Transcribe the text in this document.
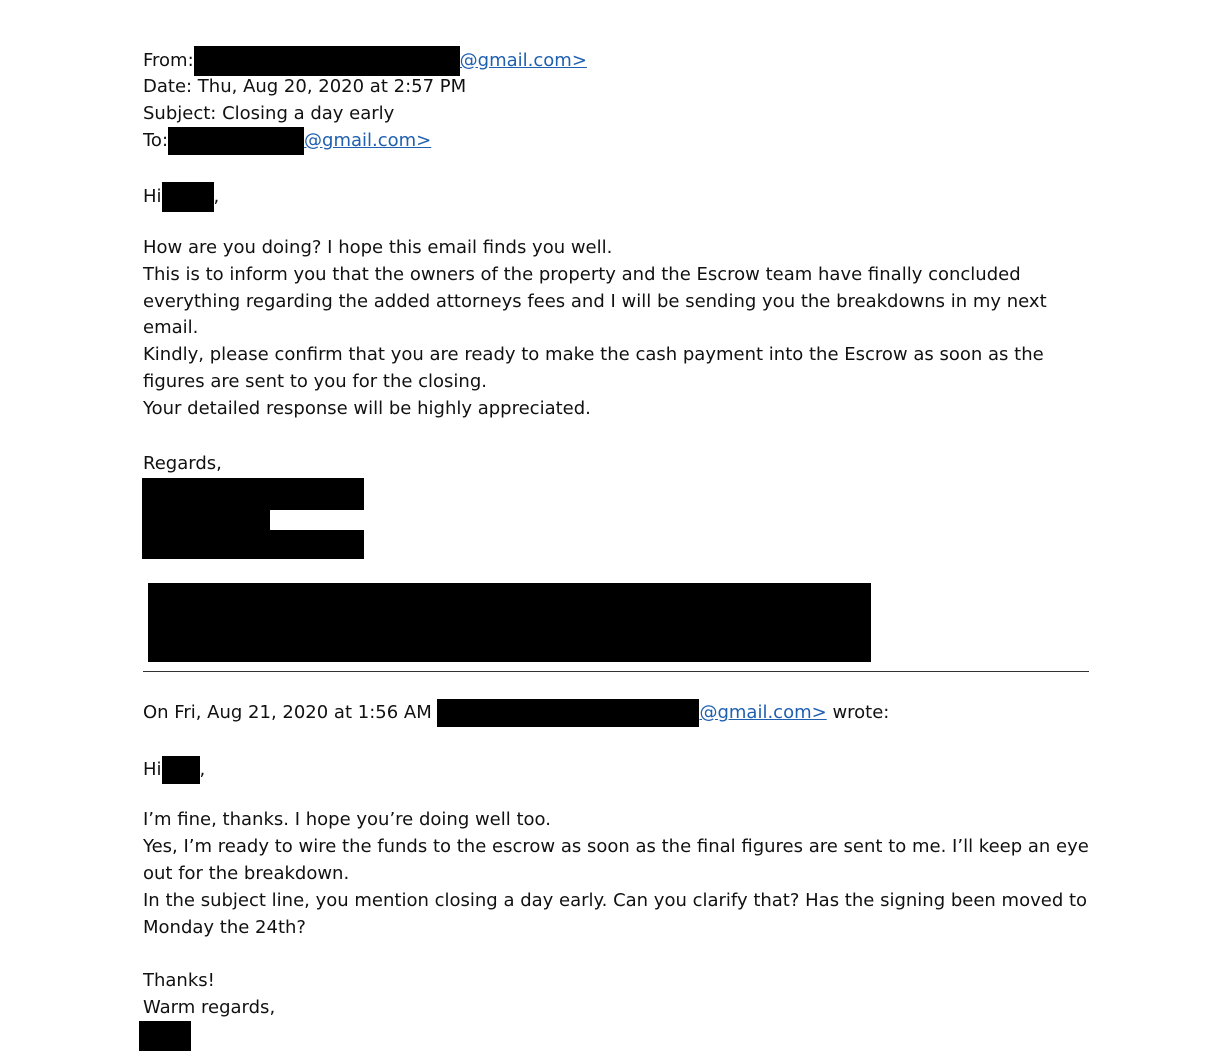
From:	@gmail.com>
Date: Thu, Aug 20, 2020 at 2:57 PM
Subject: Closing a day early
To:	@gmail.com>
Hi	,
How are you doing? I hope this email finds you well.
This is to inform you that the owners of the property and the Escrow team have finally concluded
everything regarding the added attorneys fees and I will be sending you the breakdowns in my next
email.
Kindly, please confirm that you are ready to make the cash payment into the Escrow as soon as the
figures are sent to you for the closing.
Your detailed response will be highly appreciated.
Regards,
On Fri, Aug 21, 2020 at 1:56 AM	@gmail.com> wrote:
Hi ,
I’m fine, thanks. I hope you’re doing well too.
Yes, I’m ready to wire the funds to the escrow as soon as the final figures are sent to me. I’ll keep an eye
out for the breakdown.
In the subject line, you mention closing a day early. Can you clarify that? Has the signing been moved to
Monday the 24th?
Thanks!
Warm regards,
